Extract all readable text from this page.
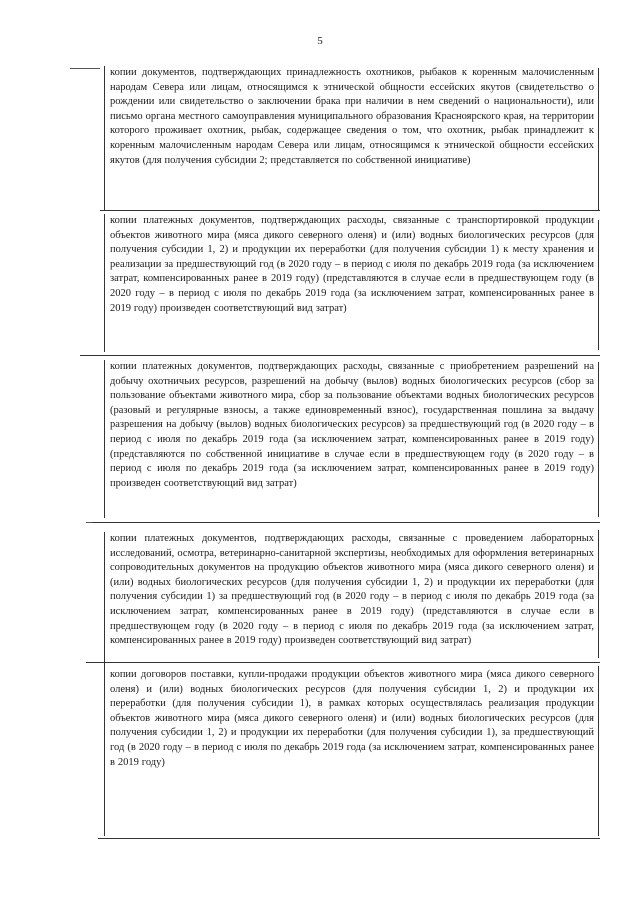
5
копии документов, подтверждающих принадлежность охотников, рыбаков к коренным малочисленным народам Севера или лицам, относящимся к этнической общности ессейских якутов (свидетельство о рождении или свидетельство о заключении брака при наличии в нем сведений о национальности), или письмо органа местного самоуправления муниципального образования Красноярского края, на территории которого проживает охотник, рыбак, содержащее сведения о том, что охотник, рыбак принадлежит к коренным малочисленным народам Севера или лицам, относящимся к этнической общности ессейских якутов (для получения субсидии 2; представляется по собственной инициативе)
копии платежных документов, подтверждающих расходы, связанные с транспортировкой продукции объектов животного мира (мяса дикого северного оленя) и (или) водных биологических ресурсов (для получения субсидии 1, 2) и продукции их переработки (для получения субсидии 1) к месту хранения и реализации за предшествующий год (в 2020 году – в период с июля по декабрь 2019 года (за исключением затрат, компенсированных ранее в 2019 году) (представляются в случае если в предшествующем году (в 2020 году – в период с июля по декабрь 2019 года (за исключением затрат, компенсированных ранее в 2019 году) произведен соответствующий вид затрат)
копии платежных документов, подтверждающих расходы, связанные с приобретением разрешений на добычу охотничьих ресурсов, разрешений на добычу (вылов) водных биологических ресурсов (сбор за пользование объектами животного мира, сбор за пользование объектами водных биологических ресурсов (разовый и регулярные взносы, а также единовременный взнос), государственная пошлина за выдачу разрешения на добычу (вылов) водных биологических ресурсов) за предшествующий год (в 2020 году – в период с июля по декабрь 2019 года (за исключением затрат, компенсированных ранее в 2019 году) (представляются по собственной инициативе в случае если в предшествующем году (в 2020 году – в период с июля по декабрь 2019 года (за исключением затрат, компенсированных ранее в 2019 году) произведен соответствующий вид затрат)
копии платежных документов, подтверждающих расходы, связанные с проведением лабораторных исследований, осмотра, ветеринарно-санитарной экспертизы, необходимых для оформления ветеринарных сопроводительных документов на продукцию объектов животного мира (мяса дикого северного оленя) и (или) водных биологических ресурсов (для получения субсидии 1, 2) и продукции их переработки (для получения субсидии 1) за предшествующий год (в 2020 году – в период с июля по декабрь 2019 года (за исключением затрат, компенсированных ранее в 2019 году) (представляются в случае если в предшествующем году (в 2020 году – в период с июля по декабрь 2019 года (за исключением затрат, компенсированных ранее в 2019 году) произведен соответствующий вид затрат)
копии договоров поставки, купли-продажи продукции объектов животного мира (мяса дикого северного оленя) и (или) водных биологических ресурсов (для получения субсидии 1, 2) и продукции их переработки (для получения субсидии 1), в рамках которых осуществлялась реализация продукции объектов животного мира (мяса дикого северного оленя) и (или) водных биологических ресурсов (для получения субсидии 1, 2) и продукции их переработки (для получения субсидии 1), за предшествующий год (в 2020 году – в период с июля по декабрь 2019 года (за исключением затрат, компенсированных ранее в 2019 году)
